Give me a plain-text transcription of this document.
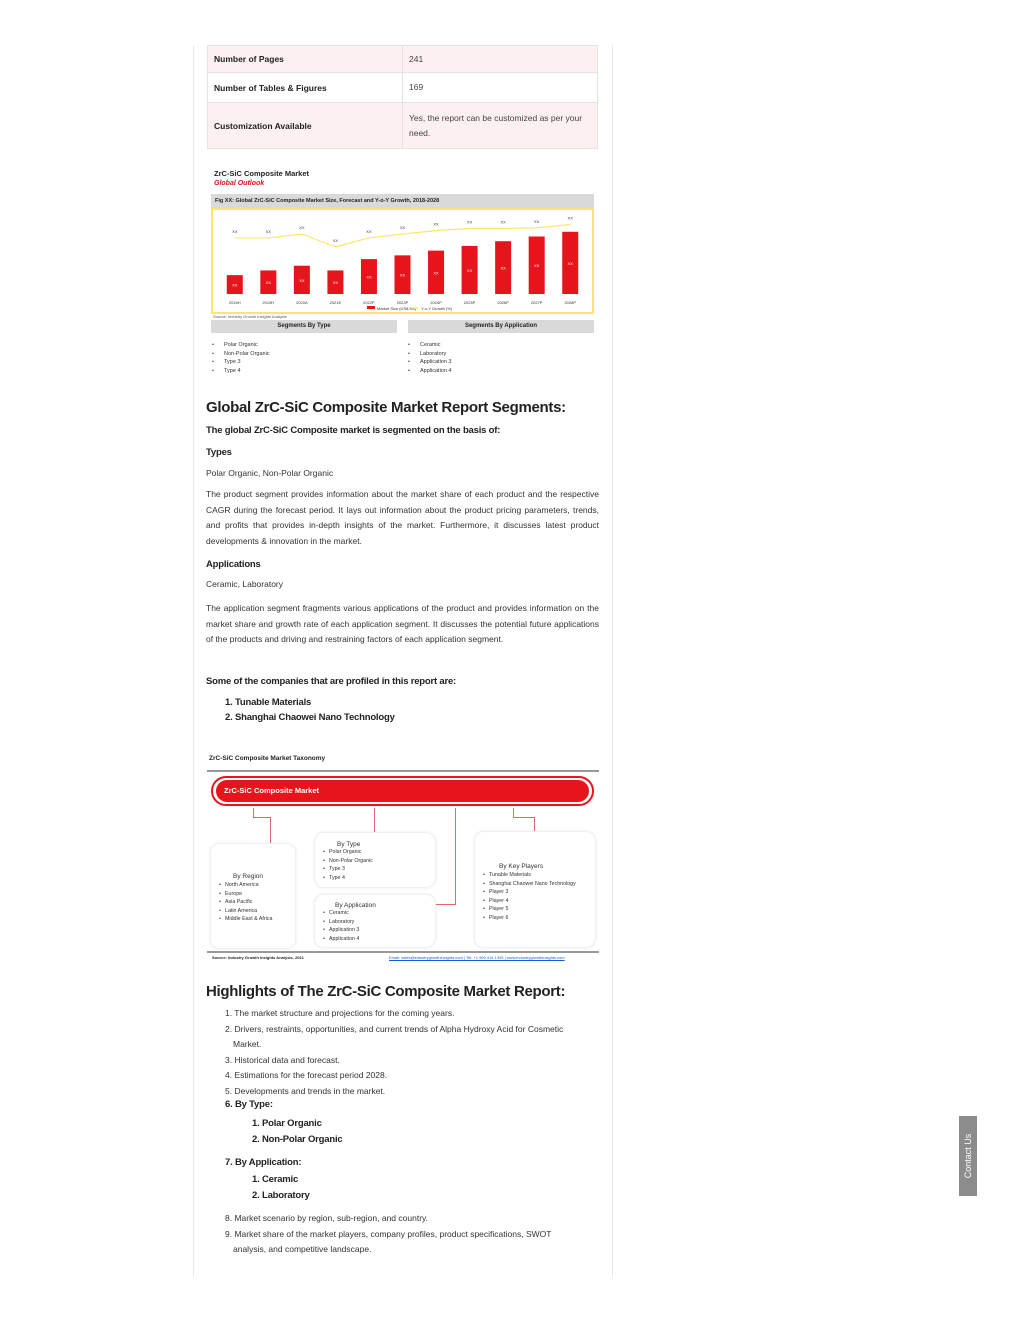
Number of Pages	241
Number of Tables & Figures	169
Customization Available	Yes, the report can be customized as per your need.
ZrC-SiC Composite Market
Global Outlook
Fig XX: Global ZrC-SiC Composite Market Size, Forecast and Y-o-Y Growth, 2018-2028
XX
XX
2018H
XX
XX
2019H
XX
XX
2020A
XX
XX
2021E
XX
XX
2022P
XX
XX
2023P
XX
XX
2024P
XX
XX
2025P
XX
XX
2026P
XX
XX
2027P
XX
XX
2028P
Market Size (US$ Mn) Y-o-Y Growth (%)
Source: Industry Growth Insights Analysis
Segments By Type	Segments By Application
• Polar Organic
• Non-Polar Organic
• Type 3
• Type 4
• Ceramic
• Laboratory
• Application 3
• Application 4
Global ZrC-SiC Composite Market Report Segments:
The global ZrC-SiC Composite market is segmented on the basis of:
Types
Polar Organic, Non-Polar Organic
The product segment provides information about the market share of each product and the respective CAGR during the forecast period. It lays out information about the product pricing parameters, trends, and profits that provides in-depth insights of the market. Furthermore, it discusses latest product developments & innovation in the market.
Applications
Ceramic, Laboratory
The application segment fragments various applications of the product and provides information on the market share and growth rate of each application segment. It discusses the potential future applications of the products and driving and restraining factors of each application segment.
Some of the companies that are profiled in this report are:
1. Tunable Materials
2. Shanghai Chaowei Nano Technology
ZrC-SiC Composite Market Taxonomy
ZrC-SiC Composite Market
By Region
• North America
• Europe
• Asia Pacific
• Latin America
• Middle East & Africa
By Type
• Polar Organic
• Non-Polar Organic
• Type 3
• Type 4
By Application
• Ceramic
• Laboratory
• Application 3
• Application 4
By Key Players
• Tunable Materials
• Shanghai Chaowei Nano Technology
• Player 3
• Player 4
• Player 5
• Player 6
Source: Industry Growth Insights Analysis, 2021	Email: sales@industrygrowthinsights.com | Tel: +1 909 414 1393 | www.industrygrowthinsights.com
Highlights of The ZrC-SiC Composite Market Report:
1. The market structure and projections for the coming years.
2. Drivers, restraints, opportunities, and current trends of Alpha Hydroxy Acid for Cosmetic
Market.
3. Historical data and forecast.
4. Estimations for the forecast period 2028.
5. Developments and trends in the market.
6. By Type:
1. Polar Organic
2. Non-Polar Organic
7. By Application:
1. Ceramic
2. Laboratory
8. Market scenario by region, sub-region, and country.
9. Market share of the market players, company profiles, product specifications, SWOT
analysis, and competitive landscape.
Contact Us
